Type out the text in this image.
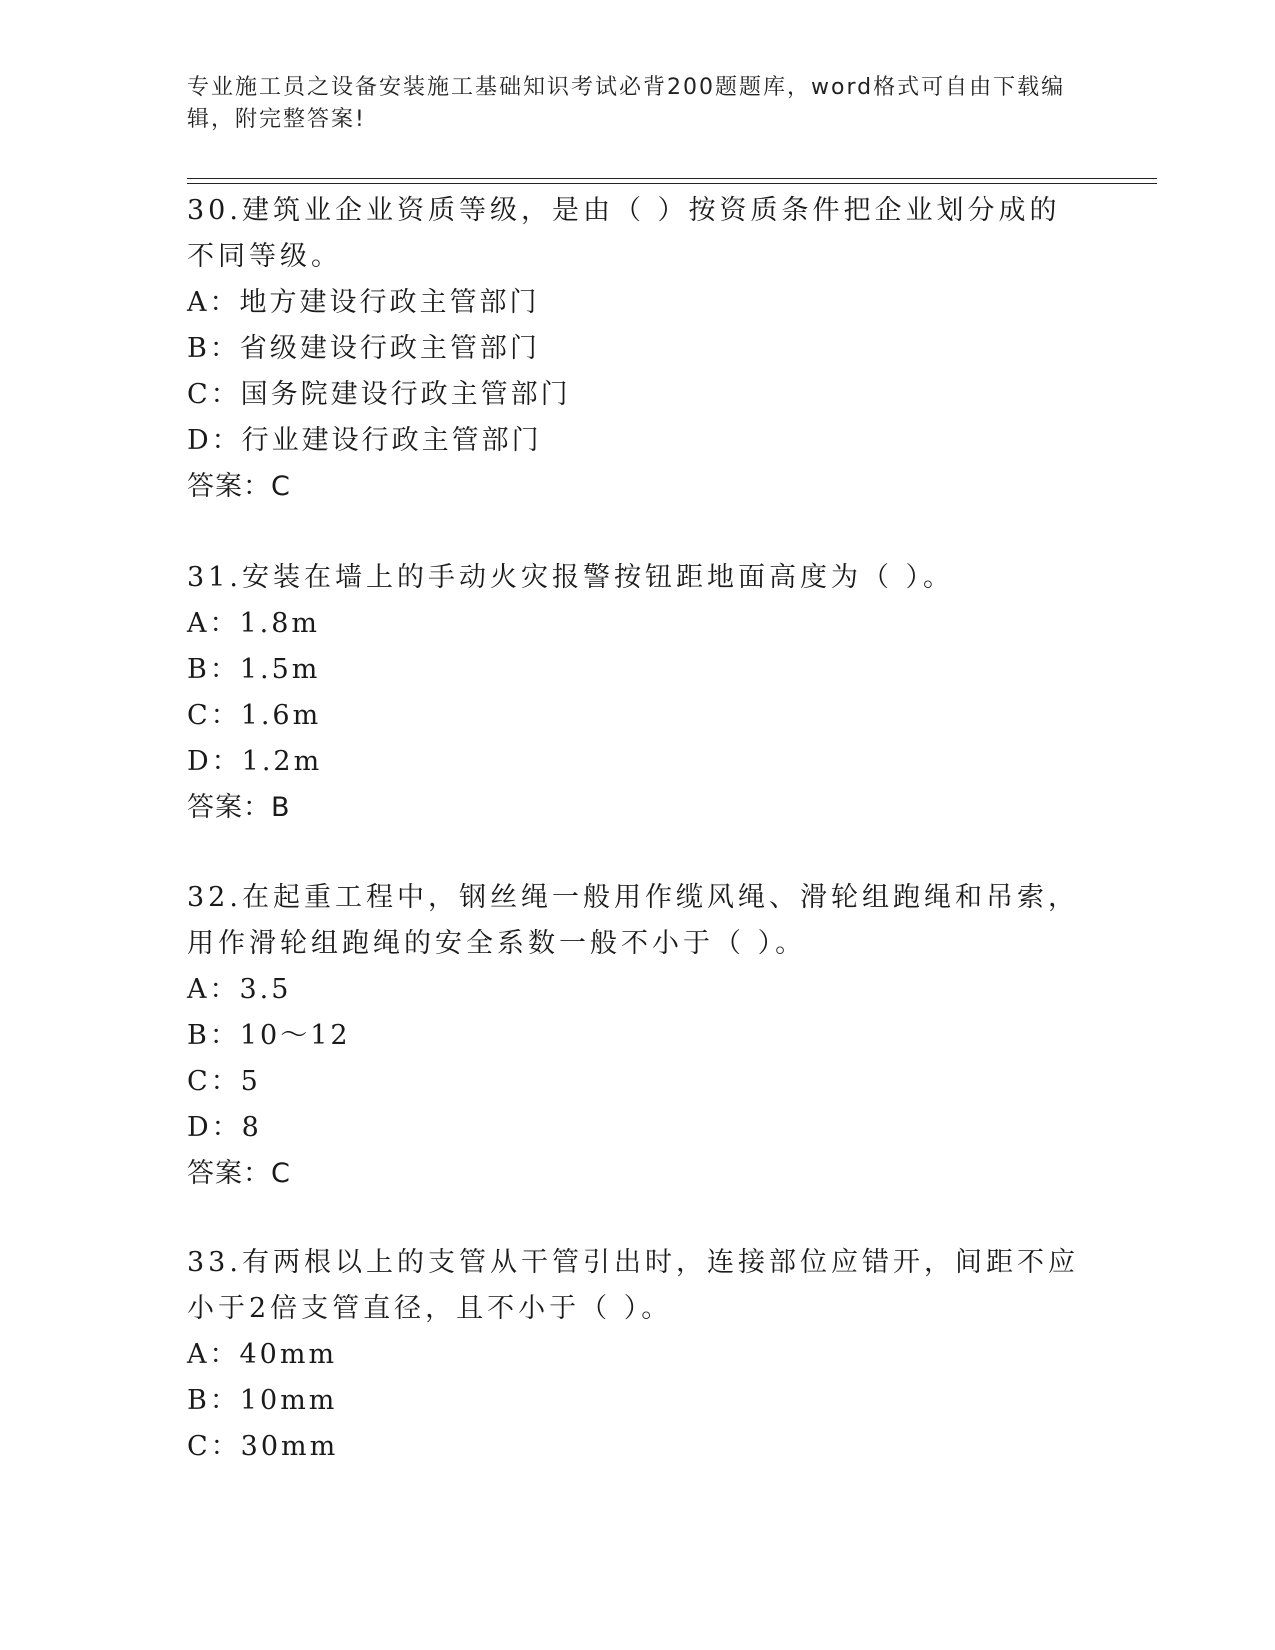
专业施工员之设备安装施工基础知识考试必背200题题库，word格式可自由下载编辑，附完整答案!

30.建筑业企业资质等级，是由（ ）按资质条件把企业划分成的不同等级。

A：地方建设行政主管部门

B：省级建设行政主管部门

C：国务院建设行政主管部门

D：行业建设行政主管部门

答案：C

31.安装在墙上的手动火灾报警按钮距地面高度为（ ）。

A：1.8m

B：1.5m

C：1.6m

D：1.2m

答案：B

32.在起重工程中，钢丝绳一般用作缆风绳、滑轮组跑绳和吊索，用作滑轮组跑绳的安全系数一般不小于（ ）。

A：3.5

B：10～12

C：5

D：8

答案：C

33.有两根以上的支管从干管引出时，连接部位应错开，间距不应小于2倍支管直径，且不小于（ ）。

A：40mm

B：10mm

C：30mm
